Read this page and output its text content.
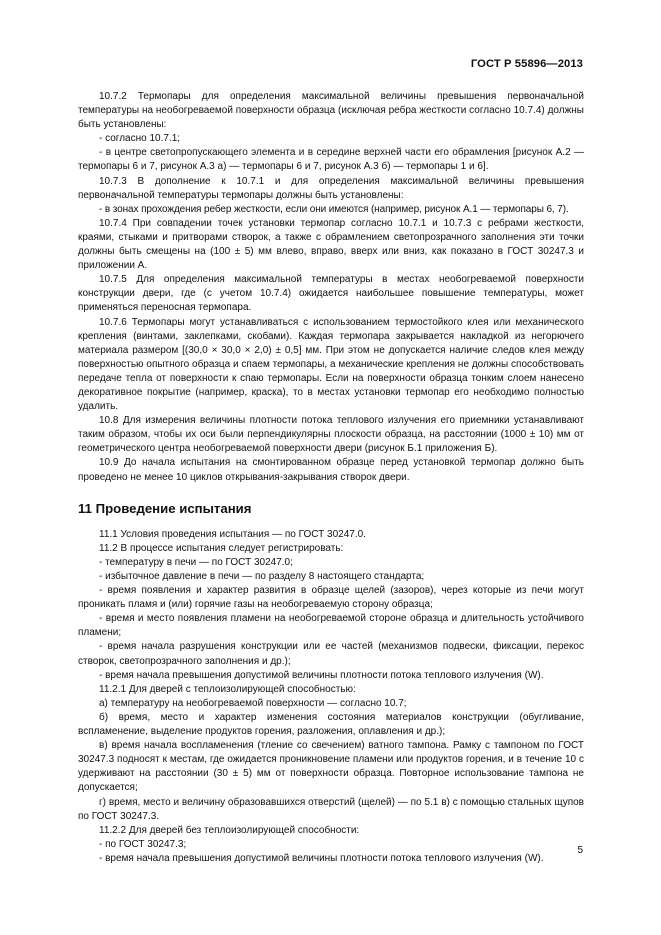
ГОСТ Р 55896—2013

10.7.2 Термопары для определения максимальной величины превышения первоначальной температуры на необогреваемой поверхности образца (исключая ребра жесткости согласно 10.7.4) должны быть установлены:

- согласно 10.7.1;

- в центре светопропускающего элемента и в середине верхней части его обрамления [рисунок А.2 — термопары 6 и 7, рисунок А.3 а) — термопары 6 и 7, рисунок А.3 б) — термопары 1 и 6].

10.7.3 В дополнение к 10.7.1 и для определения максимальной величины превышения первоначальной температуры термопары должны быть установлены:

- в зонах прохождения ребер жесткости, если они имеются (например, рисунок А.1 — термопары 6, 7).

10.7.4 При совпадении точек установки термопар согласно 10.7.1 и 10.7.3 с ребрами жесткости, краями, стыками и притворами створок, а также с обрамлением светопрозрачного заполнения эти точки должны быть смещены на (100 ± 5) мм влево, вправо, вверх или вниз, как показано в ГОСТ 30247.3 и приложении А.

10.7.5 Для определения максимальной температуры в местах необогреваемой поверхности конструкции двери, где (с учетом 10.7.4) ожидается наибольшее повышение температуры, может применяться переносная термопара.

10.7.6 Термопары могут устанавливаться с использованием термостойкого клея или механического крепления (винтами, заклепками, скобами). Каждая термопара закрывается накладкой из негорючего материала размером [(30,0 × 30,0 × 2,0) ± 0,5] мм. При этом не допускается наличие следов клея между поверхностью опытного образца и спаем термопары, а механические крепления не должны способствовать передаче тепла от поверхности к спаю термопары. Если на поверхности образца тонким слоем нанесено декоративное покрытие (например, краска), то в местах установки термопар его необходимо полностью удалить.

10.8 Для измерения величины плотности потока теплового излучения его приемники устанавливают таким образом, чтобы их оси были перпендикулярны плоскости образца, на расстоянии (1000 ± 10) мм от геометрического центра необогреваемой поверхности двери (рисунок Б.1 приложения Б).

10.9 До начала испытания на смонтированном образце перед установкой термопар должно быть проведено не менее 10 циклов открывания-закрывания створок двери.

11 Проведение испытания

11.1 Условия проведения испытания — по ГОСТ 30247.0.

11.2 В процессе испытания следует регистрировать:

- температуру в печи — по ГОСТ 30247.0;

- избыточное давление в печи — по разделу 8 настоящего стандарта;

- время появления и характер развития в образце щелей (зазоров), через которые из печи могут проникать пламя и (или) горячие газы на необогреваемую сторону образца;

- время и место появления пламени на необогреваемой стороне образца и длительность устойчивого пламени;

- время начала разрушения конструкции или ее частей (механизмов подвески, фиксации, перекос створок, светопрозрачного заполнения и др.);

- время начала превышения допустимой величины плотности потока теплового излучения (W).

11.2.1 Для дверей с теплоизолирующей способностью:

а) температуру на необогреваемой поверхности — согласно 10.7;

б) время, место и характер изменения состояния материалов конструкции (обугливание, вспламенение, выделение продуктов горения, разложения, оплавления и др.);

в) время начала воспламенения (тление со свечением) ватного тампона. Рамку с тампоном по ГОСТ 30247.3 подносят к местам, где ожидается проникновение пламени или продуктов горения, и в течение 10 с удерживают на расстоянии (30 ± 5) мм от поверхности образца. Повторное использование тампона не допускается;

г) время, место и величину образовавшихся отверстий (щелей) — по 5.1 в) с помощью стальных щупов по ГОСТ 30247.3.

11.2.2 Для дверей без теплоизолирующей способности:

- по ГОСТ 30247.3;

- время начала превышения допустимой величины плотности потока теплового излучения (W).

5
